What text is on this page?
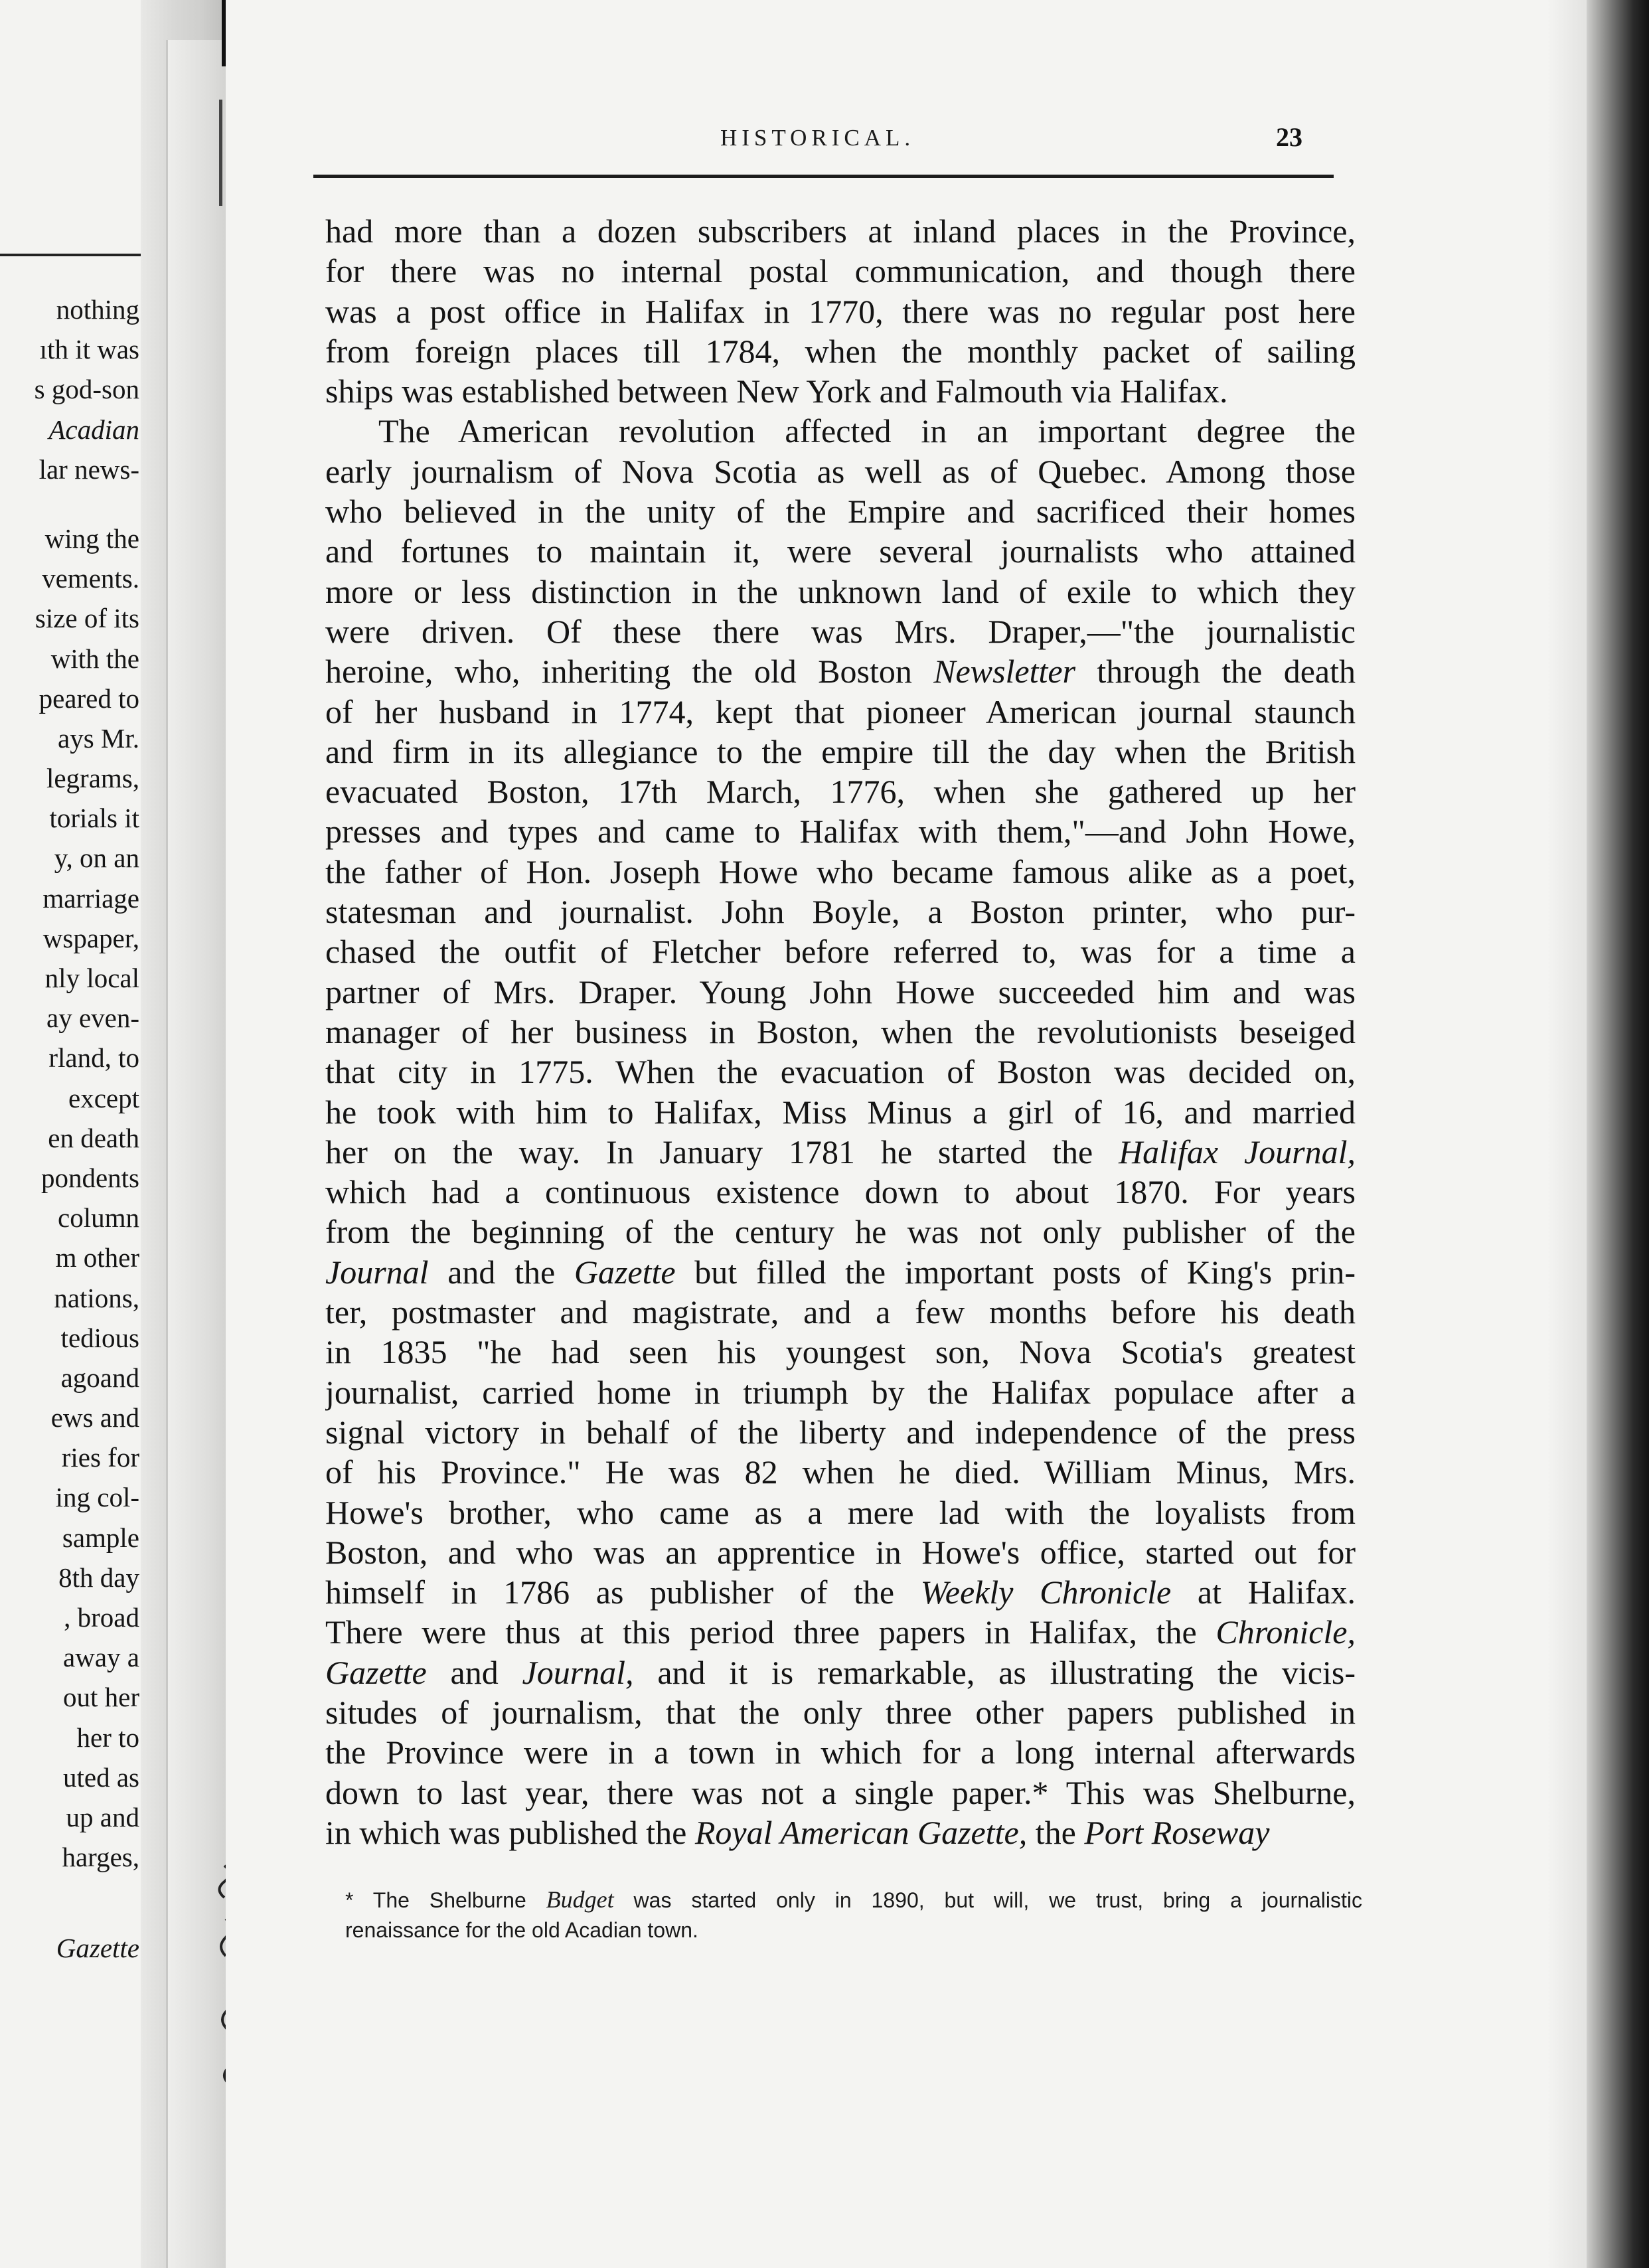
nothing
ıth it was
s god-son
Acadian
lar news-
wing the
vements.
size of its
with the
peared to
ays Mr.
legrams,
torials it
y, on an
marriage
wspaper,
nly local
ay even-
rland, to
except
en death
pondents
column
m other
nations,
tedious
agoand
ews and
ries for
ing col-
sample
8th day
, broad
away a
out her
her to
uted as
up and
harges,
Gazette
HISTORICAL.	23
had more than a dozen subscribers at inland places in the Province,
for there was no internal postal communication, and though there
was a post office in Halifax in 1770, there was no regular post here
from foreign places till 1784, when the monthly packet of sailing
ships was established between New York and Falmouth via Halifax.
The American revolution affected in an important degree the
early journalism of Nova Scotia as well as of Quebec. Among those
who believed in the unity of the Empire and sacrificed their homes
and fortunes to maintain it, were several journalists who attained
more or less distinction in the unknown land of exile to which they
were driven. Of these there was Mrs. Draper,—"the journalistic
heroine, who, inheriting the old Boston Newsletter through the death
of her husband in 1774, kept that pioneer American journal staunch
and firm in its allegiance to the empire till the day when the British
evacuated Boston, 17th March, 1776, when she gathered up her
presses and types and came to Halifax with them,"—and John Howe,
the father of Hon. Joseph Howe who became famous alike as a poet,
statesman and journalist. John Boyle, a Boston printer, who pur-
chased the outfit of Fletcher before referred to, was for a time a
partner of Mrs. Draper. Young John Howe succeeded him and was
manager of her business in Boston, when the revolutionists beseiged
that city in 1775. When the evacuation of Boston was decided on,
he took with him to Halifax, Miss Minus a girl of 16, and married
her on the way. In January 1781 he started the Halifax Journal,
which had a continuous existence down to about 1870. For years
from the beginning of the century he was not only publisher of the
Journal and the Gazette but filled the important posts of King's prin-
ter, postmaster and magistrate, and a few months before his death
in 1835 "he had seen his youngest son, Nova Scotia's greatest
journalist, carried home in triumph by the Halifax populace after a
signal victory in behalf of the liberty and independence of the press
of his Province." He was 82 when he died. William Minus, Mrs.
Howe's brother, who came as a mere lad with the loyalists from
Boston, and who was an apprentice in Howe's office, started out for
himself in 1786 as publisher of the Weekly Chronicle at Halifax.
There were thus at this period three papers in Halifax, the Chronicle,
Gazette and Journal, and it is remarkable, as illustrating the vicis-
situdes of journalism, that the only three other papers published in
the Province were in a town in which for a long internal afterwards
down to last year, there was not a single paper.* This was Shelburne,
in which was published the Royal American Gazette, the Port Roseway
* The Shelburne Budget was started only in 1890, but will, we trust, bring a journalistic
renaissance for the old Acadian town.
